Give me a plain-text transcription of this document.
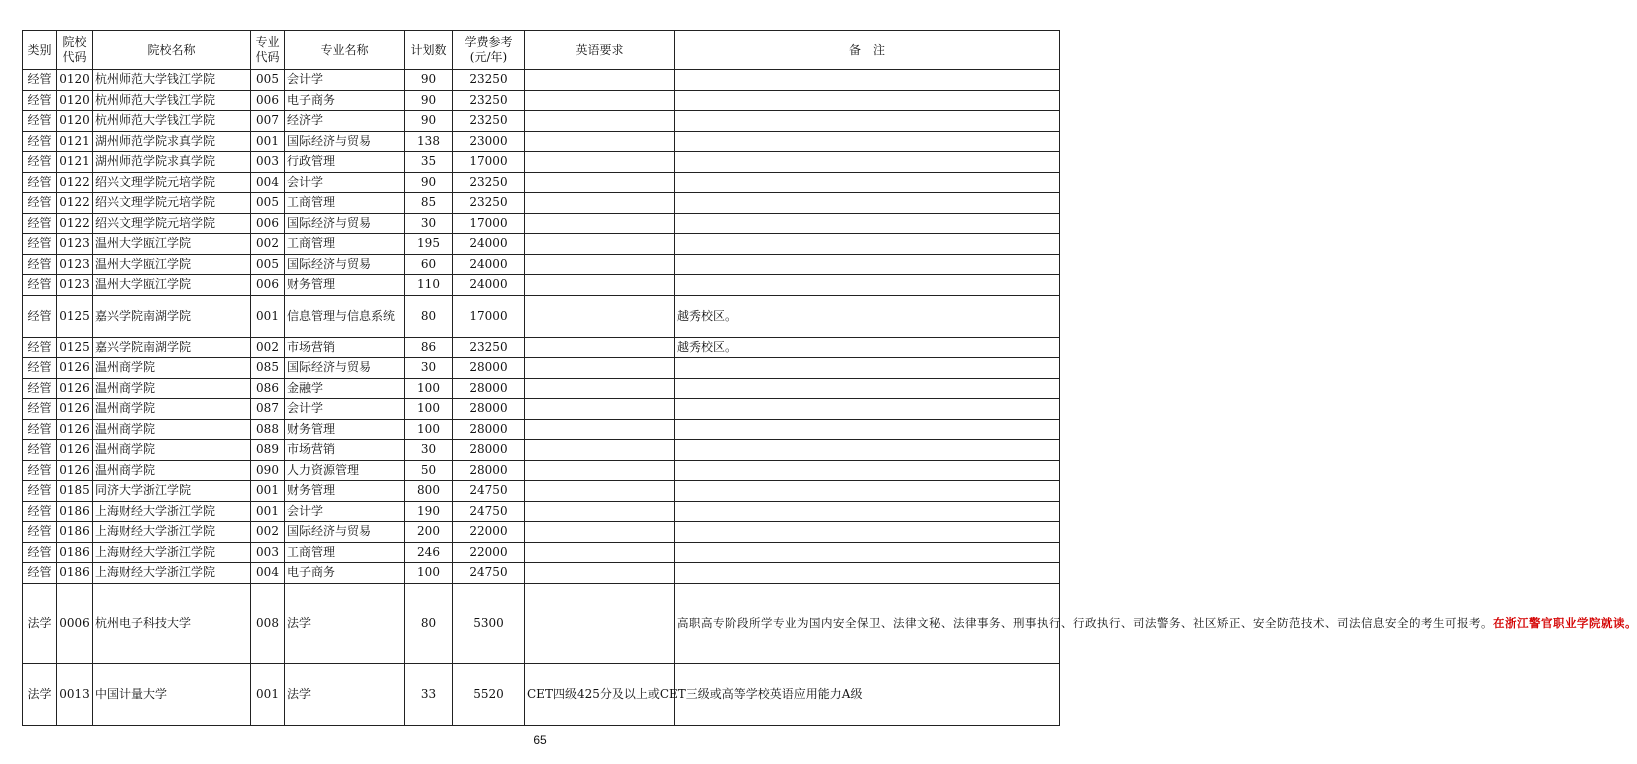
类别	院校代码	院校名称	专业代码	专业名称	计划数	学费参考(元/年)	英语要求	备　注
经管	0120	杭州师范大学钱江学院	005	会计学	90	23250		
经管	0120	杭州师范大学钱江学院	006	电子商务	90	23250		
经管	0120	杭州师范大学钱江学院	007	经济学	90	23250		
经管	0121	湖州师范学院求真学院	001	国际经济与贸易	138	23000		
经管	0121	湖州师范学院求真学院	003	行政管理	35	17000		
经管	0122	绍兴文理学院元培学院	004	会计学	90	23250		
经管	0122	绍兴文理学院元培学院	005	工商管理	85	23250		
经管	0122	绍兴文理学院元培学院	006	国际经济与贸易	30	17000		
经管	0123	温州大学瓯江学院	002	工商管理	195	24000		
经管	0123	温州大学瓯江学院	005	国际经济与贸易	60	24000		
经管	0123	温州大学瓯江学院	006	财务管理	110	24000		
经管	0125	嘉兴学院南湖学院	001	信息管理与信息系统	80	17000		越秀校区。
经管	0125	嘉兴学院南湖学院	002	市场营销	86	23250		越秀校区。
经管	0126	温州商学院	085	国际经济与贸易	30	28000		
经管	0126	温州商学院	086	金融学	100	28000		
经管	0126	温州商学院	087	会计学	100	28000		
经管	0126	温州商学院	088	财务管理	100	28000		
经管	0126	温州商学院	089	市场营销	30	28000		
经管	0126	温州商学院	090	人力资源管理	50	28000		
经管	0185	同济大学浙江学院	001	财务管理	800	24750		
经管	0186	上海财经大学浙江学院	001	会计学	190	24750		
经管	0186	上海财经大学浙江学院	002	国际经济与贸易	200	22000		
经管	0186	上海财经大学浙江学院	003	工商管理	246	22000		
经管	0186	上海财经大学浙江学院	004	电子商务	100	24750		
法学	0006	杭州电子科技大学	008	法学	80	5300		高职高专阶段所学专业为国内安全保卫、法律文秘、法律事务、刑事执行、行政执行、司法警务、社区矫正、安全防范技术、司法信息安全的考生可报考。在浙江警官职业学院就读。
法学	0013	中国计量大学	001	法学	33	5520	CET四级425分及以上或CET三级或高等学校英语应用能力A级	
65
